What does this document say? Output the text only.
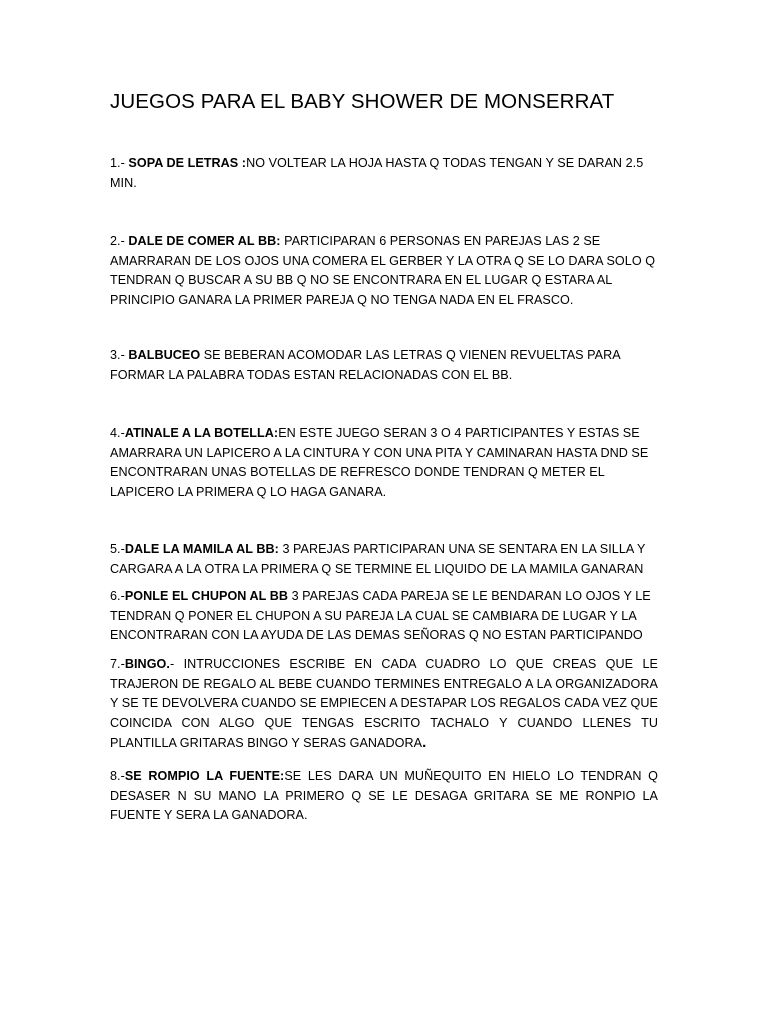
JUEGOS PARA EL BABY SHOWER DE MONSERRAT

1.- SOPA DE LETRAS :NO VOLTEAR LA HOJA HASTA Q TODAS TENGAN Y SE DARAN 2.5 MIN.

2.- DALE DE COMER AL BB: PARTICIPARAN 6 PERSONAS EN PAREJAS LAS 2 SE AMARRARAN DE LOS OJOS UNA COMERA EL GERBER Y LA OTRA Q SE LO DARA SOLO Q TENDRAN Q BUSCAR A SU BB Q NO SE ENCONTRARA EN EL LUGAR Q ESTARA AL PRINCIPIO GANARA LA PRIMER PAREJA Q NO TENGA NADA EN EL FRASCO.

3.- BALBUCEO SE BEBERAN ACOMODAR LAS LETRAS Q VIENEN REVUELTAS PARA FORMAR LA PALABRA TODAS ESTAN RELACIONADAS CON EL BB.

4.-ATINALE A LA BOTELLA:EN ESTE JUEGO SERAN 3 O 4 PARTICIPANTES Y ESTAS SE AMARRARA UN LAPICERO A LA CINTURA Y CON UNA PITA Y CAMINARAN HASTA DND SE ENCONTRARAN UNAS BOTELLAS DE REFRESCO DONDE TENDRAN Q METER EL LAPICERO LA PRIMERA Q LO HAGA GANARA.

5.-DALE LA MAMILA AL BB: 3 PAREJAS PARTICIPARAN UNA SE SENTARA EN LA SILLA Y CARGARA A LA OTRA LA PRIMERA Q SE TERMINE EL LIQUIDO DE LA MAMILA GANARAN

6.-PONLE EL CHUPON AL BB 3 PAREJAS CADA PAREJA SE LE BENDARAN LO OJOS Y LE TENDRAN Q PONER EL CHUPON A SU PAREJA LA CUAL SE CAMBIARA DE LUGAR Y LA ENCONTRARAN CON LA AYUDA DE LAS DEMAS SEÑORAS Q NO ESTAN PARTICIPANDO

7.-BINGO.- INTRUCCIONES ESCRIBE EN CADA CUADRO LO QUE CREAS QUE LE TRAJERON DE REGALO AL BEBE CUANDO TERMINES ENTREGALO A LA ORGANIZADORA Y SE TE DEVOLVERA CUANDO SE EMPIECEN A DESTAPAR LOS REGALOS CADA VEZ QUE COINCIDA CON ALGO QUE TENGAS ESCRITO TACHALO Y CUANDO LLENES TU PLANTILLA GRITARAS BINGO Y SERAS GANADORA.

8.-SE ROMPIO LA FUENTE:SE LES DARA UN MUÑEQUITO EN HIELO LO TENDRAN Q DESASER N SU MANO LA PRIMERO Q SE LE DESAGA GRITARA SE ME RONPIO LA FUENTE Y SERA LA GANADORA.
